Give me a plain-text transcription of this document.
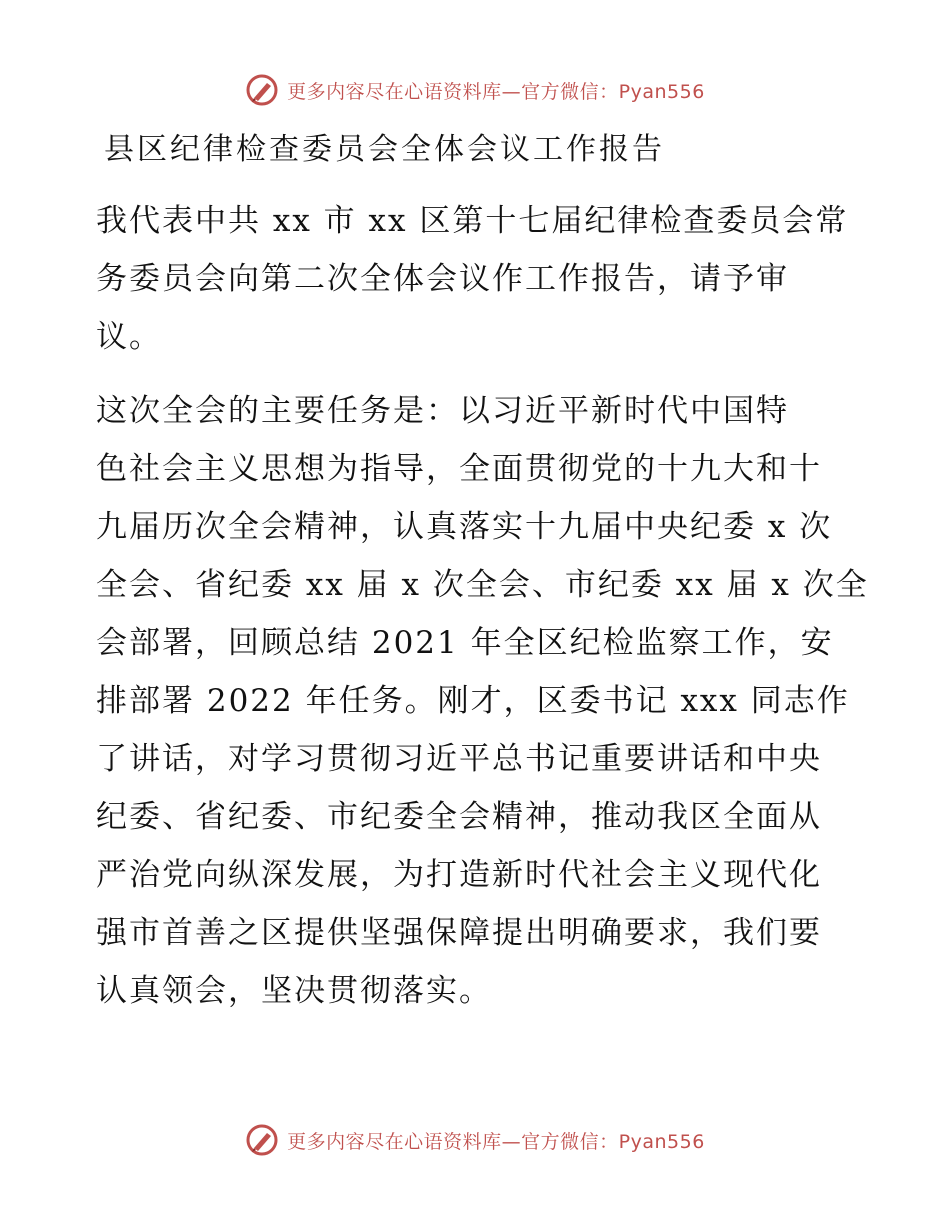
更多内容尽在心语资料库—官方微信：Pyan556
县区纪律检查委员会全体会议工作报告

我代表中共 xx 市 xx 区第十七届纪律检查委员会常
务委员会向第二次全体会议作工作报告，请予审
议。

这次全会的主要任务是：以习近平新时代中国特
色社会主义思想为指导，全面贯彻党的十九大和十
九届历次全会精神，认真落实十九届中央纪委 x 次
全会、省纪委 xx 届 x 次全会、市纪委 xx 届 x 次全
会部署，回顾总结 2021 年全区纪检监察工作，安
排部署 2022 年任务。刚才，区委书记 xxx 同志作
了讲话，对学习贯彻习近平总书记重要讲话和中央
纪委、省纪委、市纪委全会精神，推动我区全面从
严治党向纵深发展，为打造新时代社会主义现代化
强市首善之区提供坚强保障提出明确要求，我们要
认真领会，坚决贯彻落实。

更多内容尽在心语资料库—官方微信：Pyan556
